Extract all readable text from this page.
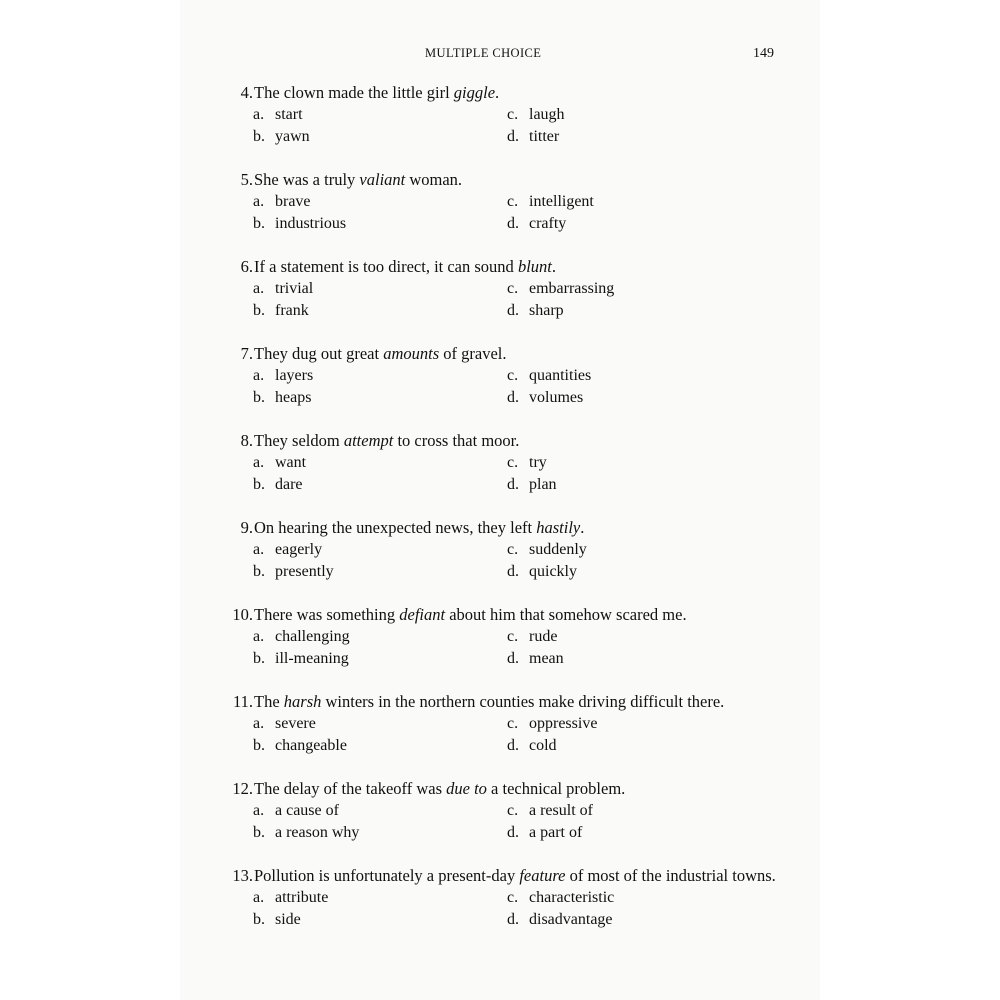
MULTIPLE CHOICE	149
4. The clown made the little girl giggle.
a. start	c. laugh
b. yawn	d. titter
5. She was a truly valiant woman.
a. brave	c. intelligent
b. industrious	d. crafty
6. If a statement is too direct, it can sound blunt.
a. trivial	c. embarrassing
b. frank	d. sharp
7. They dug out great amounts of gravel.
a. layers	c. quantities
b. heaps	d. volumes
8. They seldom attempt to cross that moor.
a. want	c. try
b. dare	d. plan
9. On hearing the unexpected news, they left hastily.
a. eagerly	c. suddenly
b. presently	d. quickly
10. There was something defiant about him that somehow scared me.
a. challenging	c. rude
b. ill-meaning	d. mean
11. The harsh winters in the northern counties make driving difficult there.
a. severe	c. oppressive
b. changeable	d. cold
12. The delay of the takeoff was due to a technical problem.
a. a cause of	c. a result of
b. a reason why	d. a part of
13. Pollution is unfortunately a present-day feature of most of the industrial towns.
a. attribute	c. characteristic
b. side	d. disadvantage
